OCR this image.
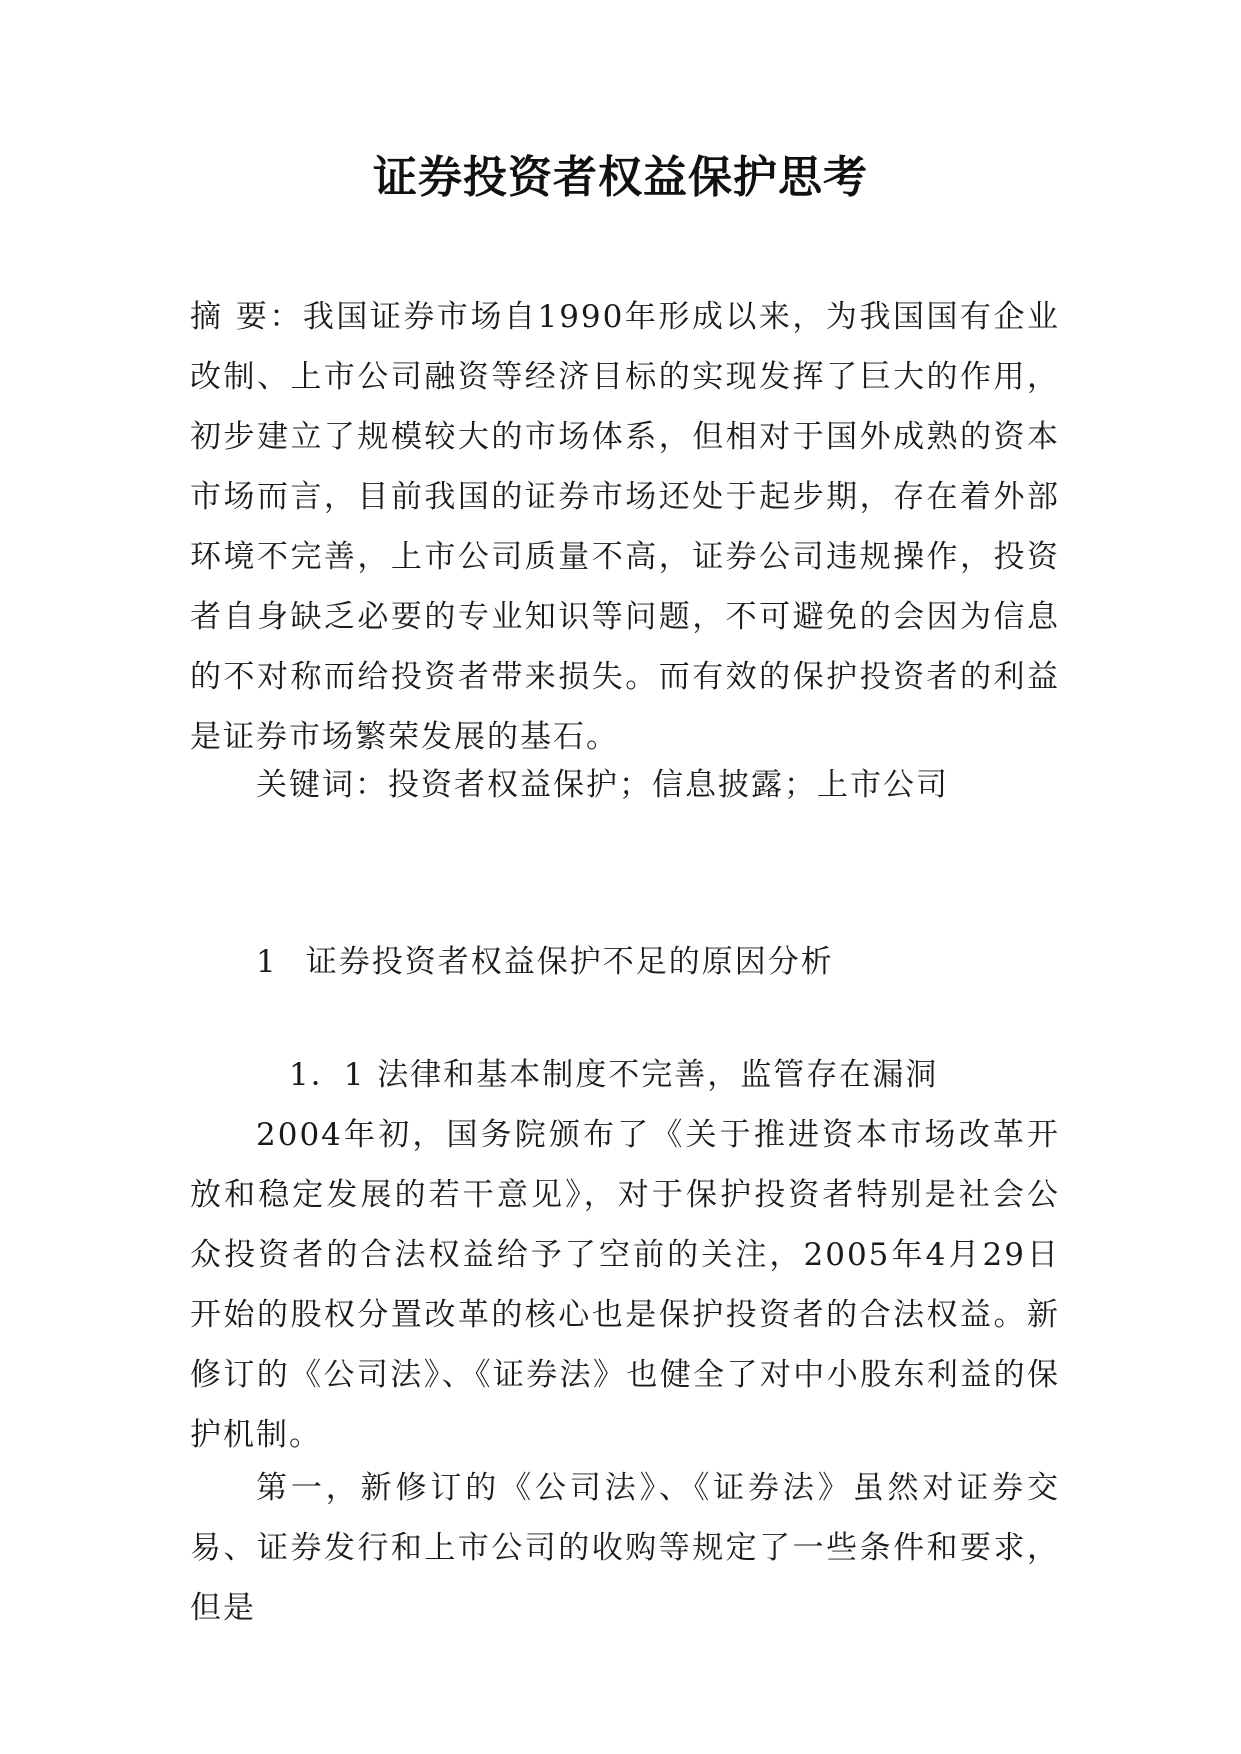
证券投资者权益保护思考

摘 要：我国证券市场自1990年形成以来，为我国国有企业改制、上市公司融资等经济目标的实现发挥了巨大的作用，初步建立了规模较大的市场体系，但相对于国外成熟的资本市场而言，目前我国的证券市场还处于起步期，存在着外部环境不完善，上市公司质量不高，证券公司违规操作，投资者自身缺乏必要的专业知识等问题，不可避免的会因为信息的不对称而给投资者带来损失。而有效的保护投资者的利益是证券市场繁荣发展的基石。

关键词：投资者权益保护；信息披露；上市公司
1 证券投资者权益保护不足的原因分析
1．1 法律和基本制度不完善，监管存在漏洞

2004年初，国务院颁布了《关于推进资本市场改革开放和稳定发展的若干意见》，对于保护投资者特别是社会公众投资者的合法权益给予了空前的关注，2005年4月29日开始的股权分置改革的核心也是保护投资者的合法权益。新修订的《公司法》、《证券法》也健全了对中小股东利益的保护机制。

第一，新修订的《公司法》、《证券法》虽然对证券交易、证券发行和上市公司的收购等规定了一些条件和要求，但是
